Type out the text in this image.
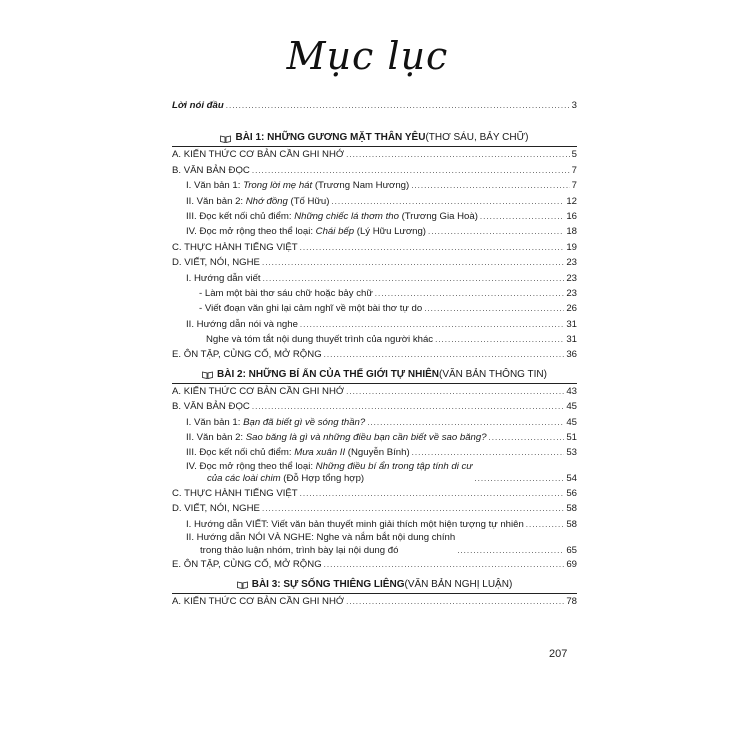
Mục lục
Lời nói đầu .....	3
BÀI 1: NHỮNG GƯƠNG MẶT THÂN YÊU (THƠ SÁU, BẢY CHỮ)
A. KIẾN THỨC CƠ BẢN CẦN GHI NHỚ .....	5
B. VĂN BẢN ĐỌC .....	7
I. Văn bản 1: Trong lời mẹ hát (Trương Nam Hương) .....	7
II. Văn bản 2: Nhớ đồng (Tố Hữu) .....	12
III. Đọc kết nối chủ điểm: Những chiếc lá thơm tho (Trương Gia Hoà) .....	16
IV. Đọc mở rộng theo thể loại: Chái bếp (Lý Hữu Lương) .....	18
C. THỰC HÀNH TIẾNG VIỆT .....	19
D. VIẾT, NÓI, NGHE .....	23
I. Hướng dẫn viết .....	23
- Làm một bài thơ sáu chữ hoặc bảy chữ .....	23
- Viết đoạn văn ghi lại cảm nghĩ về một bài thơ tự do .....	26
II. Hướng dẫn nói và nghe .....	31
Nghe và tóm tắt nội dung thuyết trình của người khác .....	31
E. ÔN TẬP, CỦNG CỐ, MỞ RỘNG .....	36
BÀI 2: NHỮNG BÍ ẨN CỦA THẾ GIỚI TỰ NHIÊN (VĂN BẢN THÔNG TIN)
A. KIẾN THỨC CƠ BẢN CẦN GHI NHỚ .....	43
B. VĂN BẢN ĐỌC .....	45
I. Văn bản 1: Bạn đã biết gì về sóng thần? .....	45
II. Văn bản 2: Sao băng là gì và những điều bạn cần biết về sao băng? .....	51
III. Đọc kết nối chủ điểm: Mưa xuân II (Nguyễn Bính) .....	53
IV. Đọc mở rộng theo thể loại: Những điều bí ẩn trong tập tính di cư
của các loài chim (Đỗ Hợp tổng hợp) .....	54
C. THỰC HÀNH TIẾNG VIỆT .....	56
D. VIẾT, NÓI, NGHE .....	58
I. Hướng dẫn VIẾT: Viết văn bản thuyết minh giải thích một hiện tượng tự nhiên .....	58
II. Hướng dẫn NÓI VÀ NGHE: Nghe và nắm bắt nội dung chính
trong thảo luận nhóm, trình bày lại nội dung đó .....	65
E. ÔN TẬP, CỦNG CỐ, MỞ RỘNG .....	69
BÀI 3: SỰ SỐNG THIÊNG LIÊNG (VĂN BẢN NGHỊ LUẬN)
A. KIẾN THỨC CƠ BẢN CẦN GHI NHỚ .....	78
207
